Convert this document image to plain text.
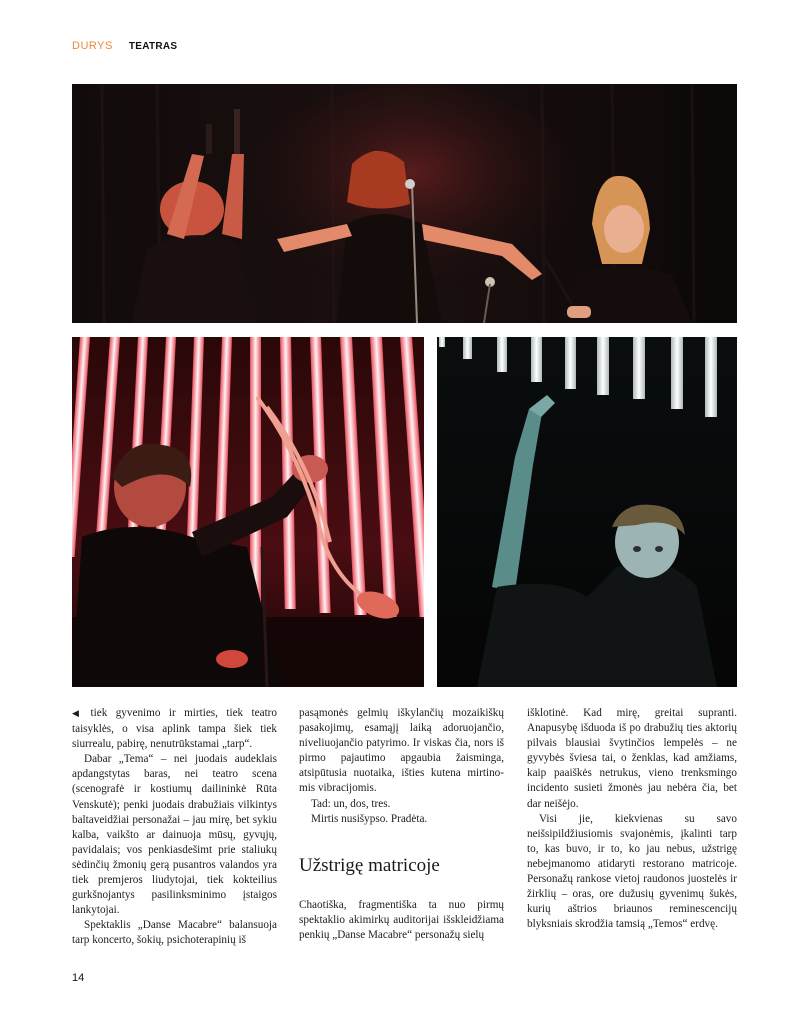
DURYS TEATRAS

◀ tiek gyvenimo ir mirties, tiek teatro taisyklės, o visa aplink tampa šiek tiek siurrealu, pabirę, nenutrūkstamai „tarp“.

Dabar „Tema“ – nei juodais audeklais apdangstytas baras, nei teatro scena (scenografė ir kostiumų dailininkė Rūta Venskutė); penki juodais drabužiais vilkintys baltaveidžiai personažai – jau mirę, bet sykiu kalba, vaikšto ar dainuoja mūsų, gyvųjų, pavidalais; vos penkiasdešimt prie staliukų sėdinčių žmonių gerą pusantros valandos yra tiek premjeros liudytojai, tiek kokteilius gurkšnojantys pasilinksminimo įstaigos lankytojai.

Spektaklis „Danse Macabre“ balansuoja tarp koncerto, šokių, psichoterapinių iš

pasąmonės gelmių iškylančių mozaikiškų pasakojimų, esamąjį laiką adoruojančio, niveliuojančio patyrimo. Ir viskas čia, nors iš pirmo pajautimo apgaubia žaisminga, atsipūtusia nuotaika, išties kutena mirtino-mis vibracijomis.

Tad: un, dos, tres.

Mirtis nusišypso. Pradėta.

Užstrigę matricoje

Chaotiška, fragmentiška ta nuo pirmų spektaklio akimirkų auditorijai išskleidžiama penkių „Danse Macabre“ personažų sielų

išklotinė. Kad mirę, greitai supranti. Anapusybę išduoda iš po drabužių ties aktorių pilvais blausiai švytinčios lempelės – ne gyvybės šviesa tai, o ženklas, kad amžiams, kaip paaiškės netrukus, vieno trenksmingo incidento susieti žmonės jau nebėra čia, bet dar neišėjo.

Visi jie, kiekvienas su savo neišsipildžiusiomis svajonėmis, įkalinti tarp to, kas buvo, ir to, ko jau nebus, užstrigę nebejmanomo atidaryti restorano matricoje. Personažų rankose vietoj raudonos juostelės ir žirklių – oras, ore dužusių gyvenimų šukės, kurių aštrios briaunos reminescencijų blyksniais skrodžia tamsią „Temos“ erdvę.

14
